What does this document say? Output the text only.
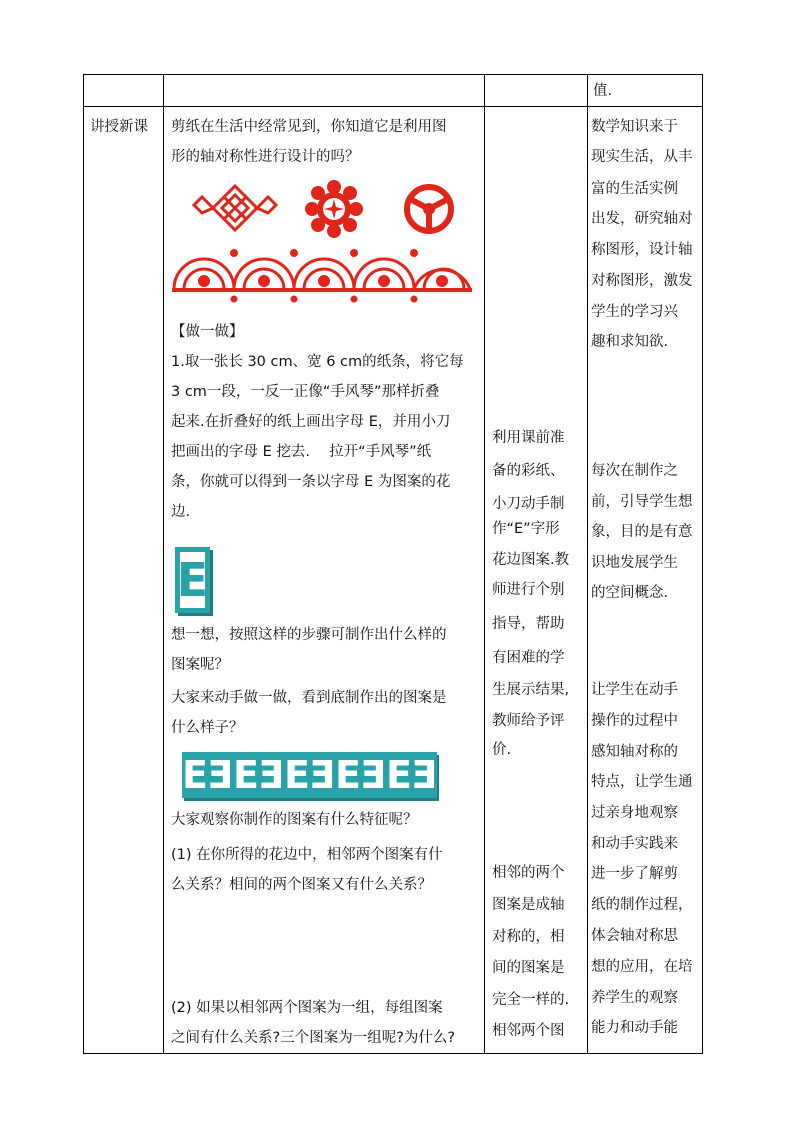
值.
讲授新课 剪纸在生活中经常见到，你知道它是利用图
形的轴对称性进行设计的吗？
【做一做】
1.取一张长 30 cm、宽 6 cm的纸条，将它每
3 cm一段，一反一正像“手风琴”那样折叠
起来.在折叠好的纸上画出字母 E，并用小刀
把画出的字母 E 挖去.　 拉开“手风琴”纸
条，你就可以得到一条以字母 E 为图案的花
边.
E
想一想，按照这样的步骤可制作出什么样的
图案呢？
大家来动手做一做，看到底制作出的图案是
什么样子？
E E E E E E E E E E
大家观察你制作的图案有什么特征呢？
(1) 在你所得的花边中，相邻两个图案有什
么关系？相间的两个图案又有什么关系？
(2) 如果以相邻两个图案为一组，每组图案
之间有什么关系?三个图案为一组呢?为什么?
利用课前准
备的彩纸、
小刀动手制
作“E”字形
花边图案.教
师进行个别
指导，帮助
有困难的学
生展示结果,
教师给予评
价.
相邻的两个
图案是成轴
对称的，相
间的图案是
完全一样的.
相邻两个图
数学知识来于
现实生活，从丰
富的生活实例
出发，研究轴对
称图形，设计轴
对称图形，激发
学生的学习兴
趣和求知欲.
每次在制作之
前，引导学生想
象，目的是有意
识地发展学生
的空间概念.
让学生在动手
操作的过程中
感知轴对称的
特点，让学生通
过亲身地观察
和动手实践来
进一步了解剪
纸的制作过程，
体会轴对称思
想的应用，在培
养学生的观察
能力和动手能
